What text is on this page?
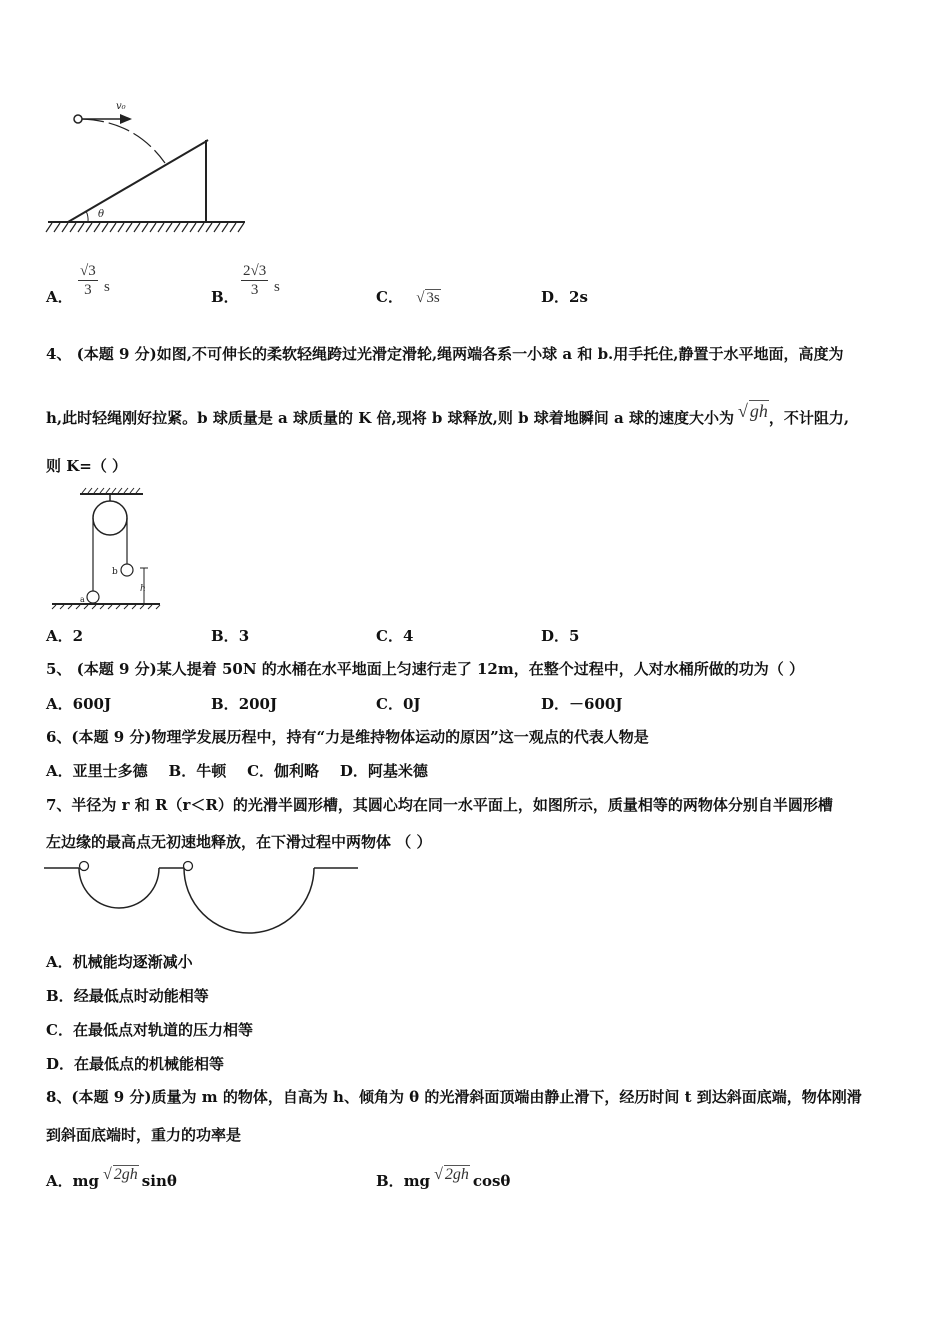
v₀
θ
A． $\frac{√3}{3}$ s
B． $\frac{2√3}{3}$ s
C． √ 3s	D．2s
4、 (本题 9 分)如图,不可伸长的柔软轻绳跨过光滑定滑轮,绳两端各系一小球 a 和 b.用手托住,静置于水平地面，高度为
h,此时轻绳刚好拉紧。b 球质量是 a 球质量的 K 倍,现将 b 球释放,则 b 球着地瞬间 a 球的速度大小为 √ gh，不计阻力,
则 K=（ ）
b
a
h
A．2	B．3	C．4	D．5
5、 (本题 9 分)某人提着 50N 的水桶在水平地面上匀速行走了 12m，在整个过程中，人对水桶所做的功为（ ）
A．600J	B．200J	C．0J	D．－600J
6、(本题 9 分)物理学发展历程中，持有“力是维持物体运动的原因”这一观点的代表人物是
A．亚里士多德    B．牛顿    C．伽利略    D．阿基米德
7、半径为 r 和 R（r＜R）的光滑半圆形槽，其圆心均在同一水平面上，如图所示，质量相等的两物体分别自半圆形槽
左边缘的最高点无初速地释放，在下滑过程中两物体 （ ）
A．机械能均逐渐减小
B．经最低点时动能相等
C．在最低点对轨道的压力相等
D．在最低点的机械能相等
8、(本题 9 分)质量为 m 的物体，自高为 h、倾角为 θ 的光滑斜面顶端由静止滑下，经历时间 t 到达斜面底端，物体刚滑
到斜面底端时，重力的功率是
A．mg √ 2gh sinθ	B．mg √ 2gh cosθ
